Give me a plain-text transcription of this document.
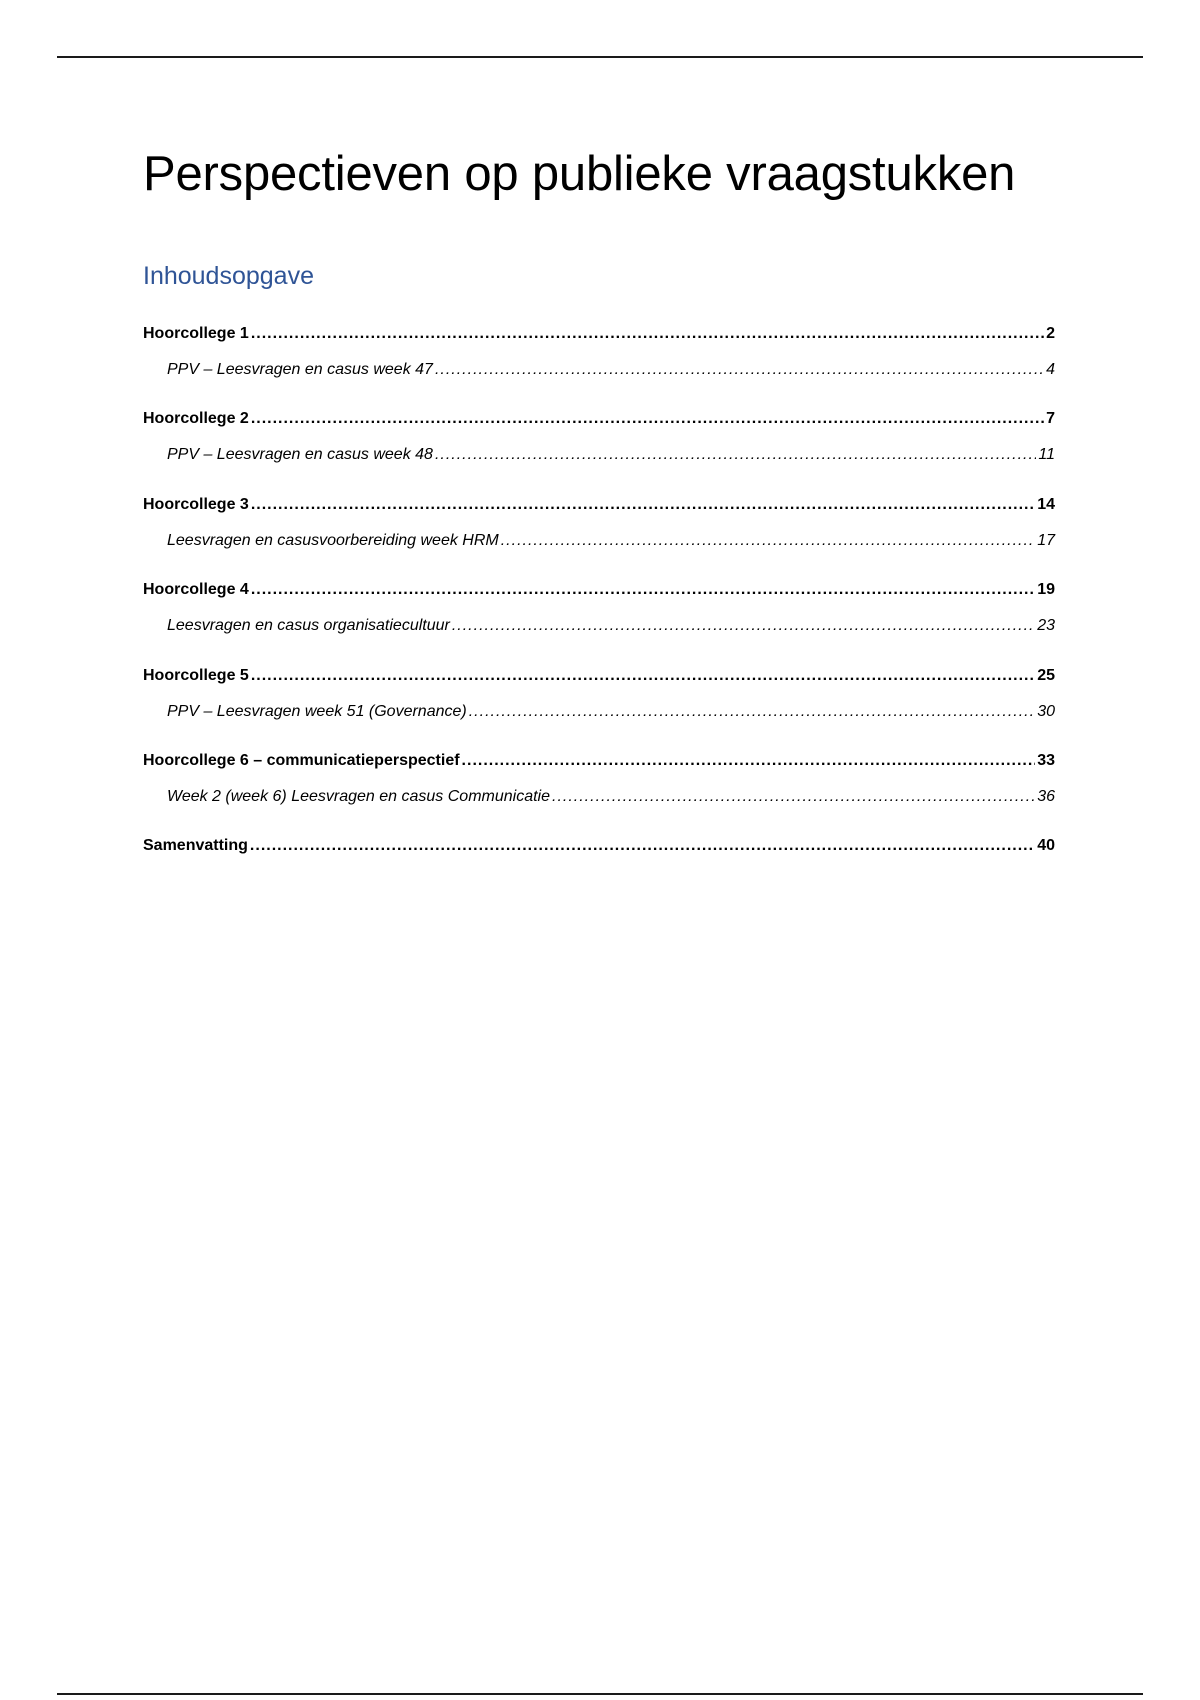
Perspectieven op publieke vraagstukken
Inhoudsopgave
Hoorcollege 1 .....	2
PPV – Leesvragen en casus week 47 .....	4
Hoorcollege 2 .....	7
PPV – Leesvragen en casus week 48 .....	11
Hoorcollege 3 .....	14
Leesvragen en casusvoorbereiding week HRM .....	17
Hoorcollege 4 .....	19
Leesvragen en casus organisatiecultuur .....	23
Hoorcollege 5 .....	25
PPV – Leesvragen week 51 (Governance) .....	30
Hoorcollege 6 – communicatieperspectief .....	33
Week 2 (week 6) Leesvragen en casus Communicatie .....	36
Samenvatting .....	40
